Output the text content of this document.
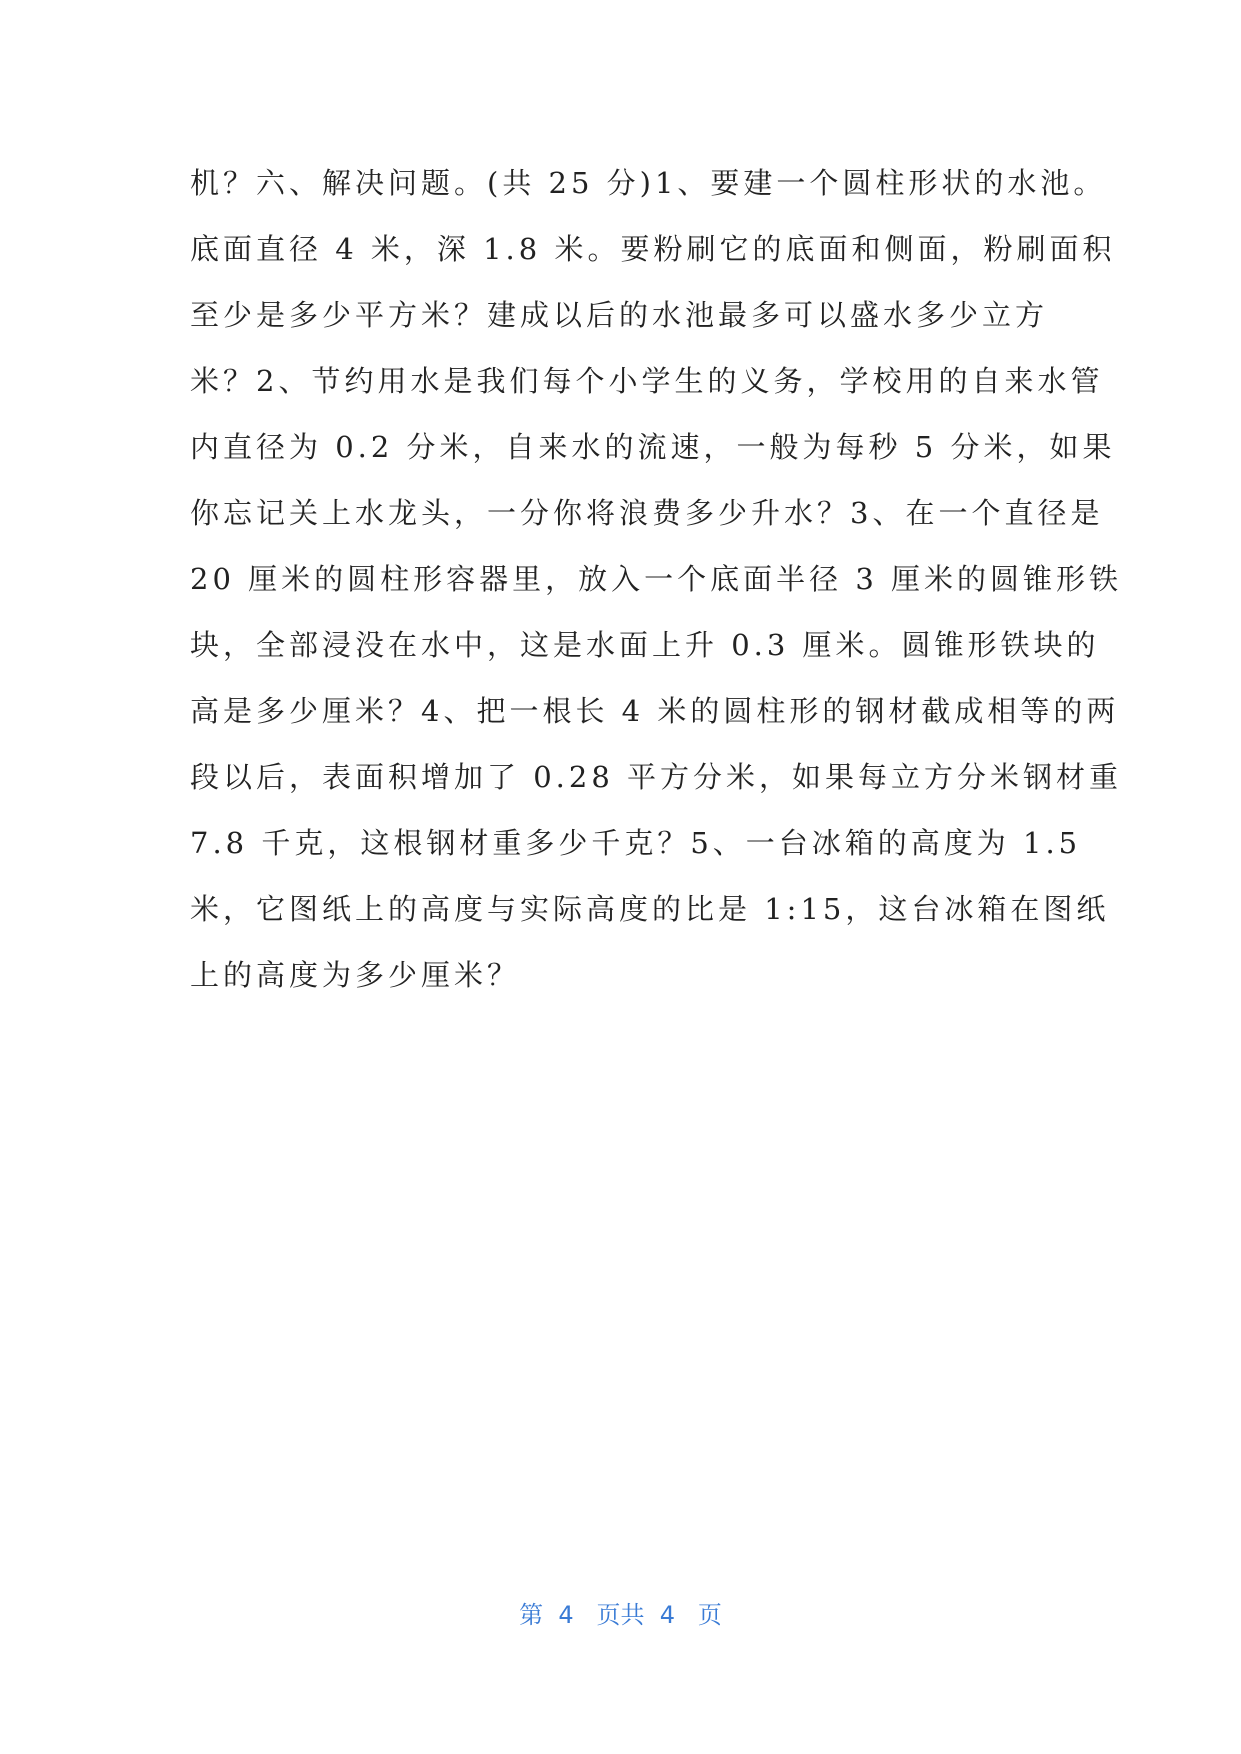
机？六、解决问题。(共 25 分)1、要建一个圆柱形状的水池。
底面直径 4 米，深 1.8 米。要粉刷它的底面和侧面，粉刷面积
至少是多少平方米？建成以后的水池最多可以盛水多少立方
米？2、节约用水是我们每个小学生的义务，学校用的自来水管
内直径为 0.2 分米，自来水的流速，一般为每秒 5 分米，如果
你忘记关上水龙头，一分你将浪费多少升水？3、在一个直径是
20 厘米的圆柱形容器里，放入一个底面半径 3 厘米的圆锥形铁
块，全部浸没在水中，这是水面上升 0.3 厘米。圆锥形铁块的
高是多少厘米？4、把一根长 4 米的圆柱形的钢材截成相等的两
段以后，表面积增加了 0.28 平方分米，如果每立方分米钢材重
7.8 千克，这根钢材重多少千克？5、一台冰箱的高度为 1.5
米，它图纸上的高度与实际高度的比是 1:15，这台冰箱在图纸
上的高度为多少厘米？
第  4   页共  4   页
